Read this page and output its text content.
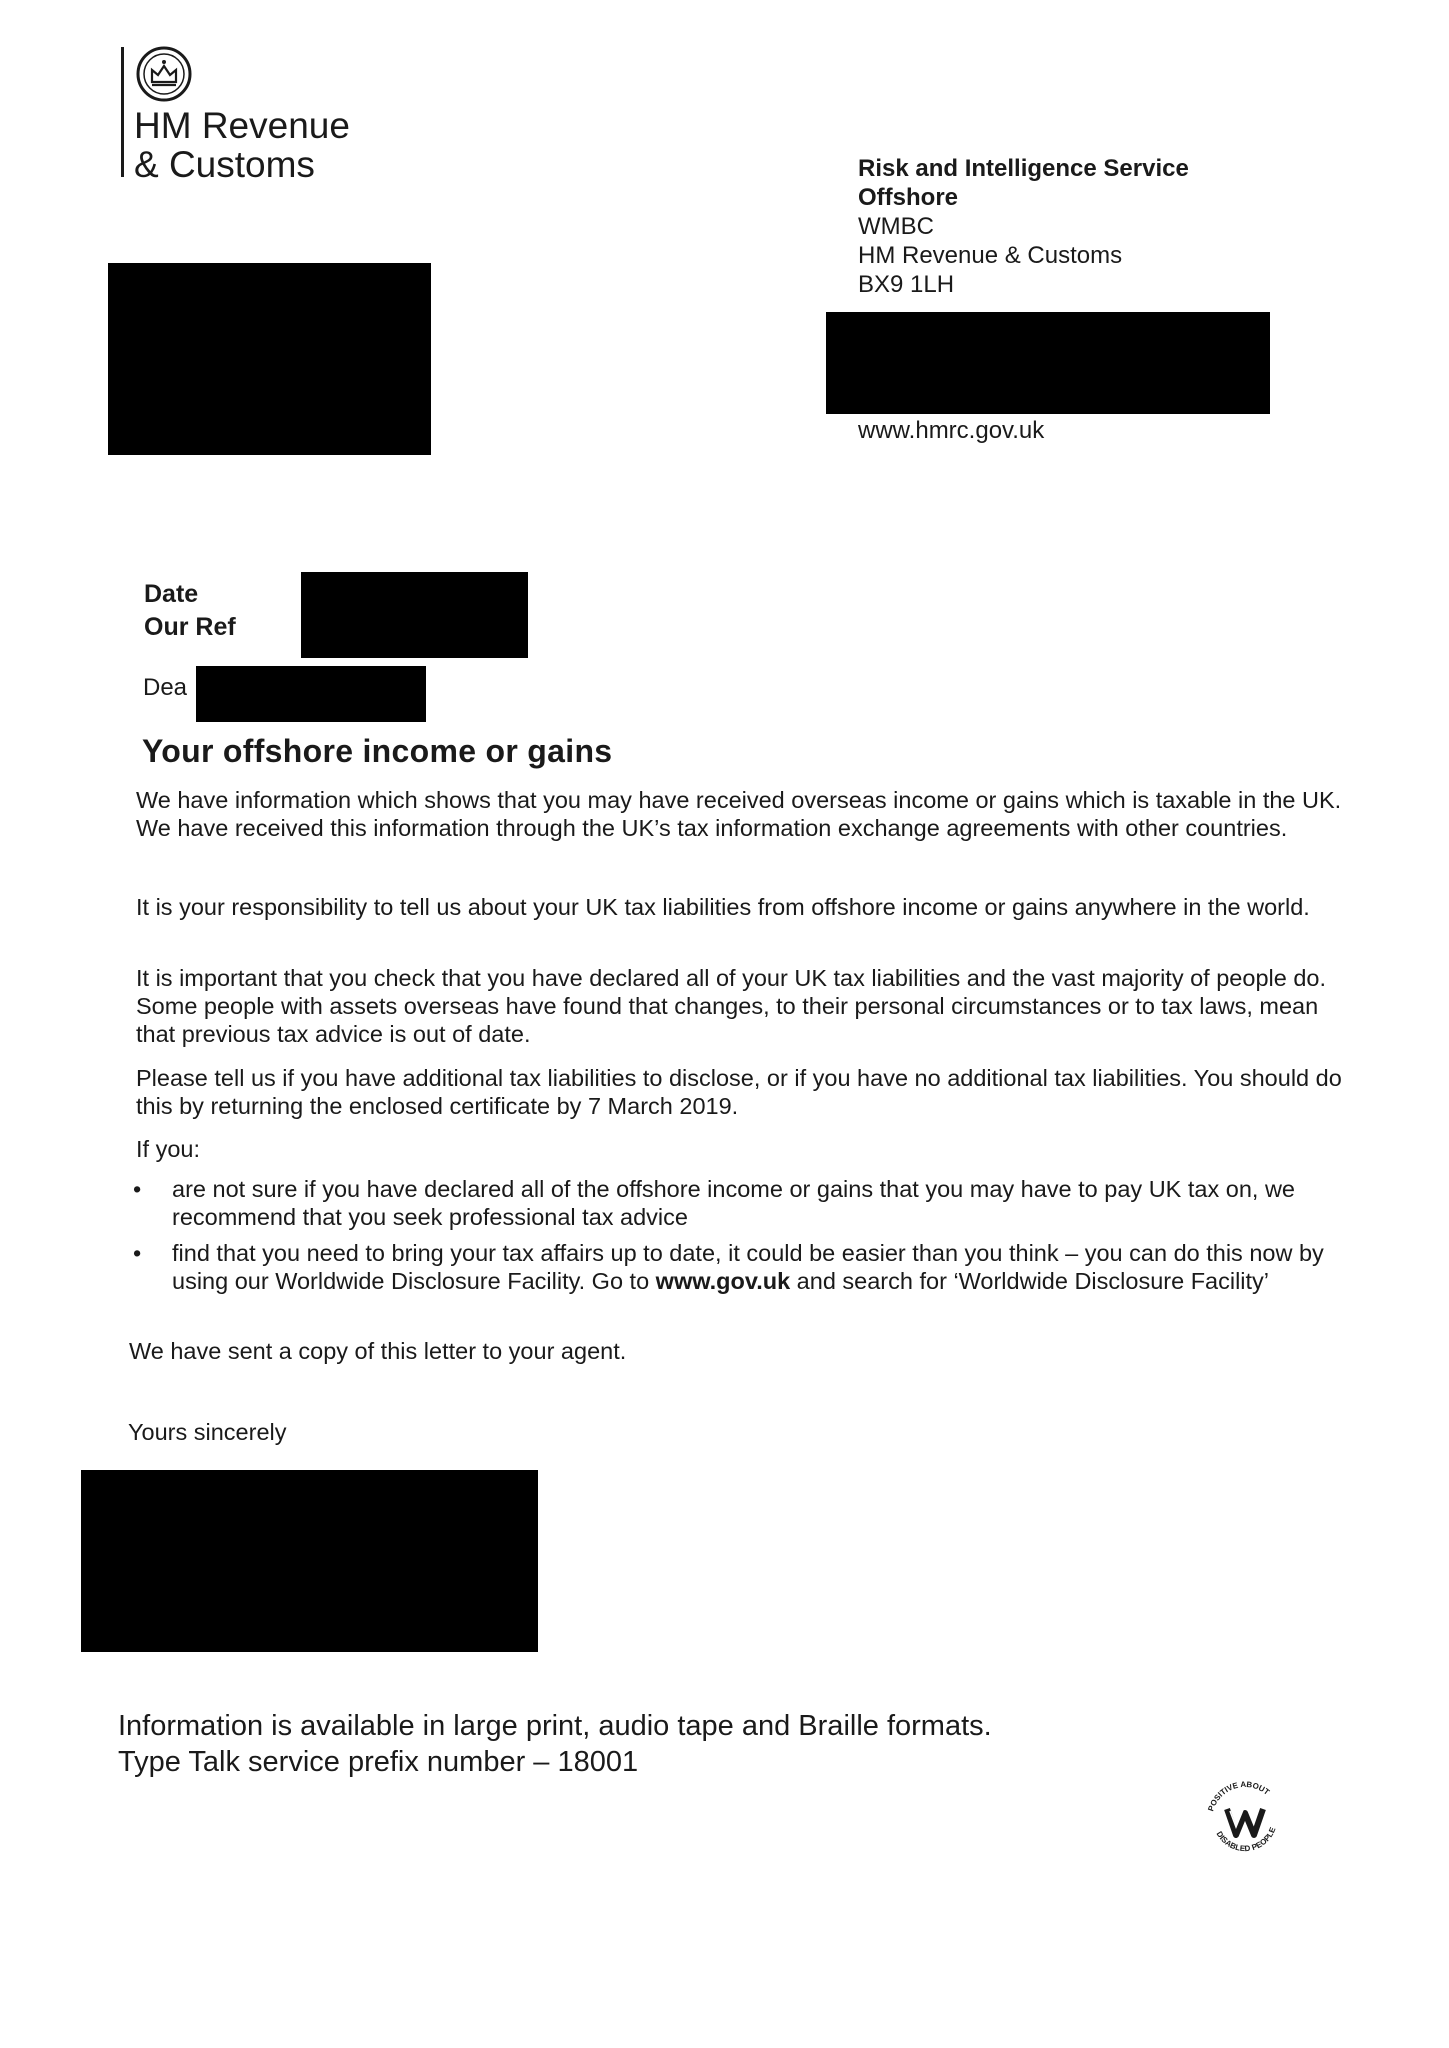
HM Revenue
& Customs	Risk and Intelligence Service
Offshore
WMBC
HM Revenue & Customs
BX9 1LH
www.hmrc.gov.uk
Date
Our Ref
Dea
Your offshore income or gains

We have information which shows that you may have received overseas income or gains which is taxable in the UK. We have received this information through the UK’s tax information exchange agreements with other countries.

It is your responsibility to tell us about your UK tax liabilities from offshore income or gains anywhere in the world.

It is important that you check that you have declared all of your UK tax liabilities and the vast majority of people do. Some people with assets overseas have found that changes, to their personal circumstances or to tax laws, mean that previous tax advice is out of date.

Please tell us if you have additional tax liabilities to disclose, or if you have no additional tax liabilities. You should do this by returning the enclosed certificate by 7 March 2019.

If you:

• are not sure if you have declared all of the offshore income or gains that you may have to pay UK tax on, we recommend that you seek professional tax advice
• find that you need to bring your tax affairs up to date, it could be easier than you think – you can do this now by using our Worldwide Disclosure Facility. Go to www.gov.uk and search for ‘Worldwide Disclosure Facility’

We have sent a copy of this letter to your agent.

Yours sincerely

Information is available in large print, audio tape and Braille formats.
Type Talk service prefix number – 18001
POSITIVE ABOUT
DISABLED PEOPLE
